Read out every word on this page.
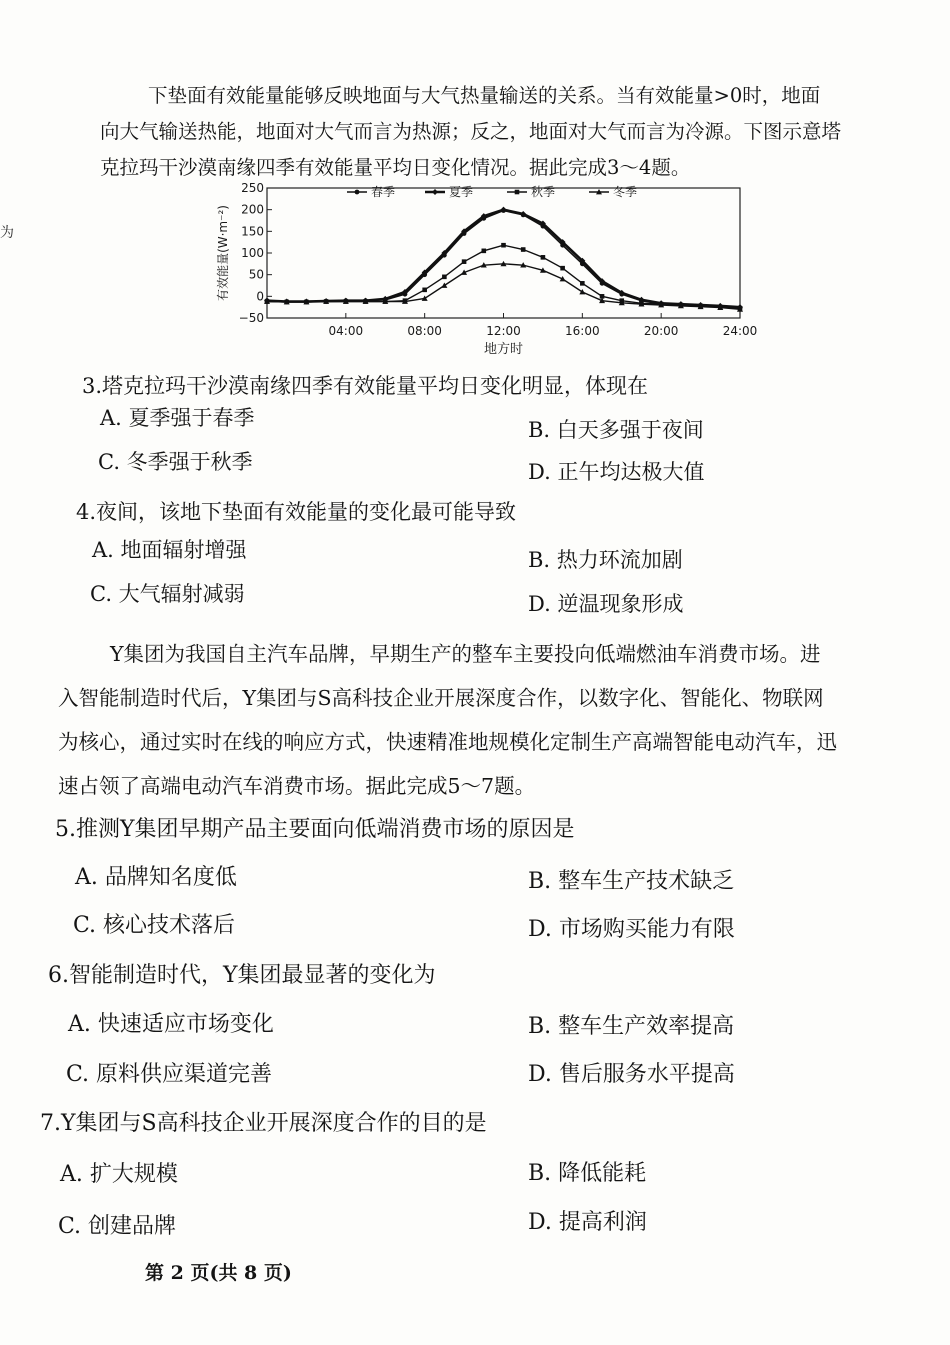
为

下垫面有效能量能够反映地面与大气热量输送的关系。当有效能量>0时，地面
向大气输送热能，地面对大气而言为热源；反之，地面对大气而言为冷源。下图示意塔
克拉玛干沙漠南缘四季有效能量平均日变化情况。据此完成3～4题。

250
200
150
100
50
0
−50
04:00	08:00	12:00	16:00	20:00	24:00
地方时
有效能量(W·m⁻²)
春季	夏季	秋季	冬季
3.塔克拉玛干沙漠南缘四季有效能量平均日变化明显，体现在
A. 夏季强于春季	B. 白天多强于夜间
C. 冬季强于秋季	D. 正午均达极大值
4.夜间，该地下垫面有效能量的变化最可能导致
A. 地面辐射增强	B. 热力环流加剧
C. 大气辐射减弱	D. 逆温现象形成

Y集团为我国自主汽车品牌，早期生产的整车主要投向低端燃油车消费市场。进
入智能制造时代后，Y集团与S高科技企业开展深度合作，以数字化、智能化、物联网
为核心，通过实时在线的响应方式，快速精准地规模化定制生产高端智能电动汽车，迅
速占领了高端电动汽车消费市场。据此完成5～7题。

5.推测Y集团早期产品主要面向低端消费市场的原因是
A. 品牌知名度低	B. 整车生产技术缺乏
C. 核心技术落后	D. 市场购买能力有限
6.智能制造时代，Y集团最显著的变化为
A. 快速适应市场变化	B. 整车生产效率提高
C. 原料供应渠道完善	D. 售后服务水平提高
7.Y集团与S高科技企业开展深度合作的目的是
A. 扩大规模	B. 降低能耗
C. 创建品牌	D. 提高利润
第 2 页(共 8 页)
